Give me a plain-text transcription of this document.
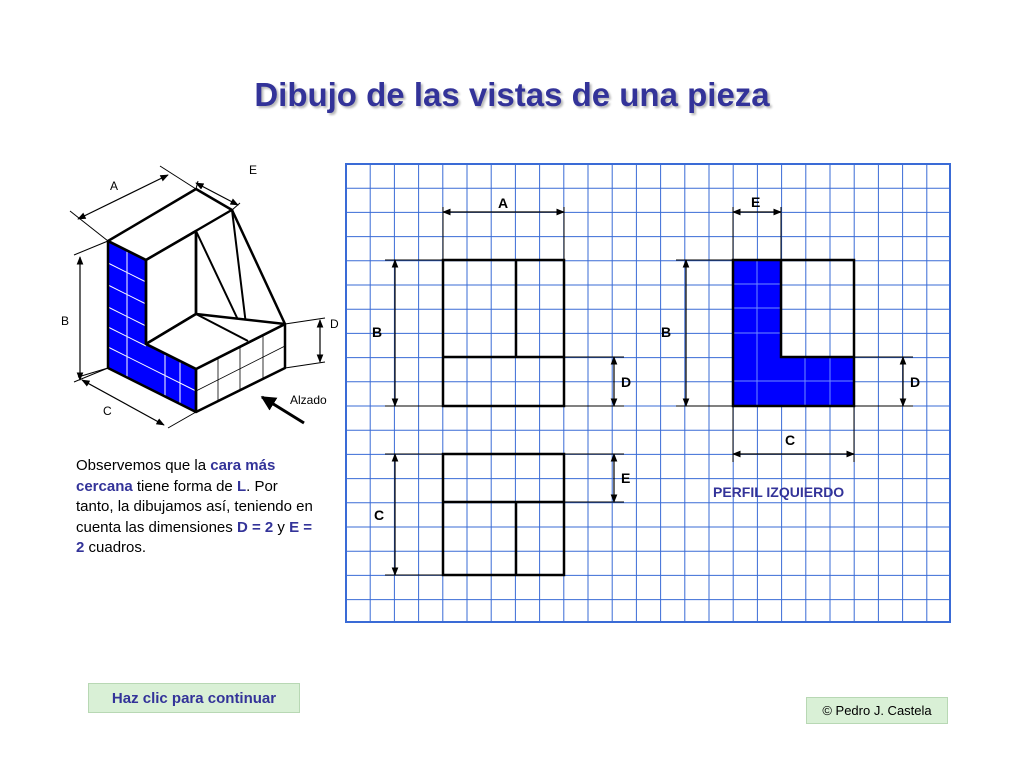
Dibujo de las vistas de una pieza
A
E
B	D
C
Alzado
A
B
D
E
B
D
C
E
C
PERFIL IZQUIERDO
Observemos que la cara más cercana tiene forma de L. Por tanto, la dibujamos así, teniendo en cuenta las dimensiones D = 2 y E = 2 cuadros.
Haz clic para continuar
© Pedro J. Castela
